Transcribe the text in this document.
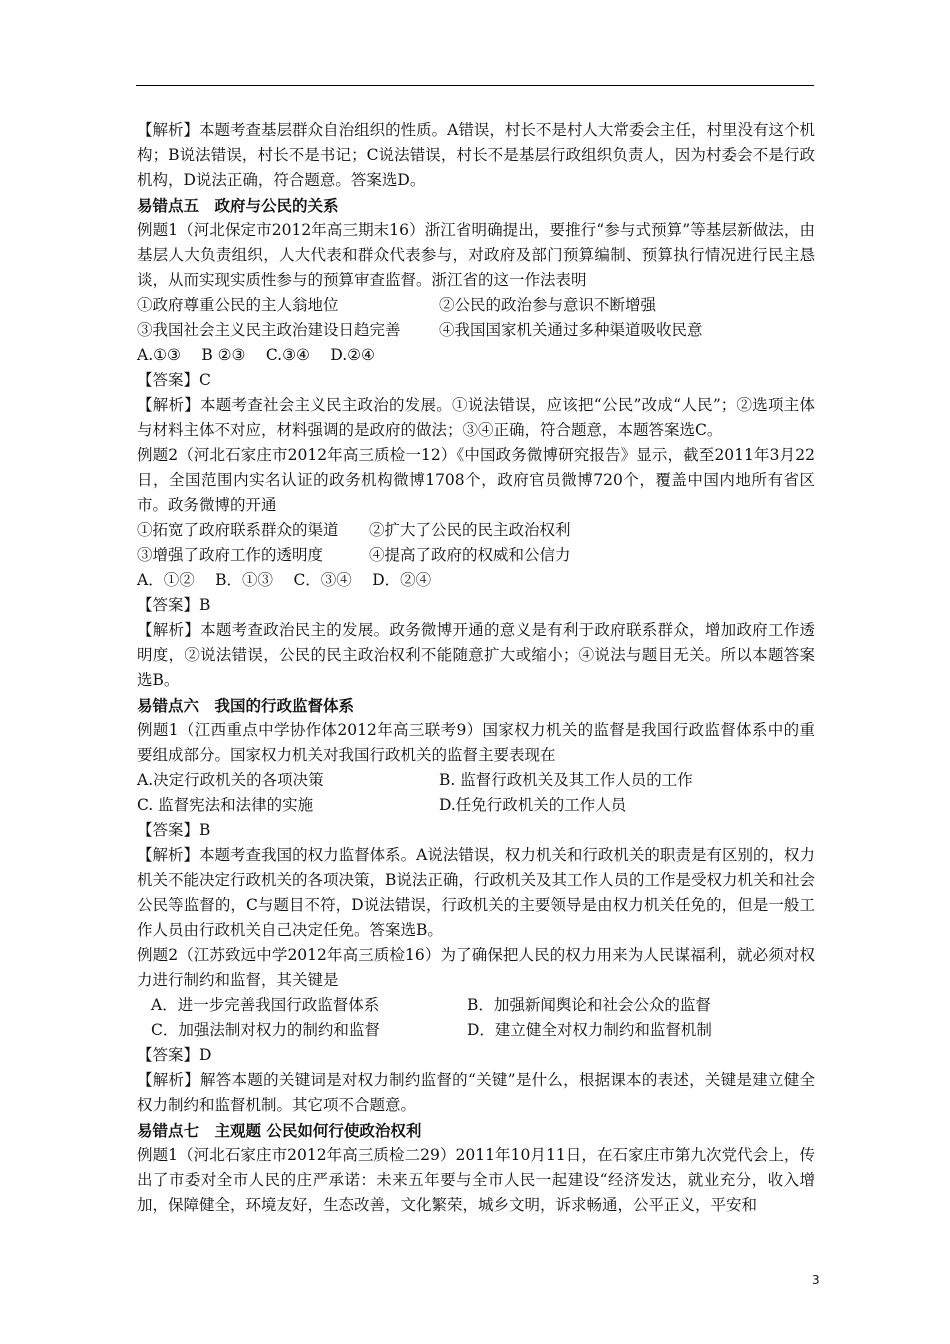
【解析】本题考查基层群众自治组织的性质。A错误，村长不是村人大常委会主任，村里没有这个机构；B说法错误，村长不是书记；C说法错误，村长不是基层行政组织负责人，因为村委会不是行政机构，D说法正确，符合题意。答案选D。

易错点五　政府与公民的关系

例题1（河北保定市2012年高三期末16）浙江省明确提出，要推行“参与式预算”等基层新做法，由基层人大负责组织，人大代表和群众代表参与，对政府及部门预算编制、预算执行情况进行民主恳谈，从而实现实质性参与的预算审查监督。浙江省的这一作法表明

①政府尊重公民的主人翁地位	②公民的政治参与意识不断增强
③我国社会主义民主政治建设日趋完善	④我国国家机关通过多种渠道吸收民意

A.①③　 B ②③　 C.③④　 D.②④

【答案】C

【解析】本题考查社会主义民主政治的发展。①说法错误，应该把“公民”改成“人民”；②选项主体与材料主体不对应，材料强调的是政府的做法；③④正确，符合题意，本题答案选C。

例题2（河北石家庄市2012年高三质检一12）《中国政务微博研究报告》显示，截至2011年3月22日，全国范围内实名认证的政务机构微博1708个，政府官员微博720个，覆盖中国内地所有省区市。政务微博的开通

①拓宽了政府联系群众的渠道	②扩大了公民的民主政治权利
③增强了政府工作的透明度	④提高了政府的权威和公信力

A．①②　 B．①③　 C．③④　 D．②④

【答案】B

【解析】本题考查政治民主的发展。政务微博开通的意义是有利于政府联系群众，增加政府工作透明度，②说法错误，公民的民主政治权利不能随意扩大或缩小；④说法与题目无关。所以本题答案选B。

易错点六　我国的行政监督体系

例题1（江西重点中学协作体2012年高三联考9）国家权力机关的监督是我国行政监督体系中的重要组成部分。国家权力机关对我国行政机关的监督主要表现在

A.决定行政机关的各项决策	B. 监督行政机关及其工作人员的工作
C. 监督宪法和法律的实施	D.任免行政机关的工作人员

【答案】B

【解析】本题考查我国的权力监督体系。A说法错误，权力机关和行政机关的职责是有区别的，权力机关不能决定行政机关的各项决策，B说法正确，行政机关及其工作人员的工作是受权力机关和社会公民等监督的，C与题目不符，D说法错误，行政机关的主要领导是由权力机关任免的，但是一般工作人员由行政机关自己决定任免。答案选B。

例题2（江苏致远中学2012年高三质检16）为了确保把人民的权力用来为人民谋福利，就必须对权力进行制约和监督，其关键是

A．进一步完善我国行政监督体系	B．加强新闻舆论和社会公众的监督
C．加强法制对权力的制约和监督	D．建立健全对权力制约和监督机制

【答案】D

【解析】解答本题的关键词是对权力制约监督的“关键”是什么，根据课本的表述，关键是建立健全权力制约和监督机制。其它项不合题意。

易错点七　主观题 公民如何行使政治权利

例题1（河北石家庄市2012年高三质检二29）2011年10月11日，在石家庄市第九次党代会上，传出了市委对全市人民的庄严承诺：未来五年要与全市人民一起建设“经济发达，就业充分，收入增加，保障健全，环境友好，生态改善，文化繁荣，城乡文明，诉求畅通，公平正义，平安和

3
